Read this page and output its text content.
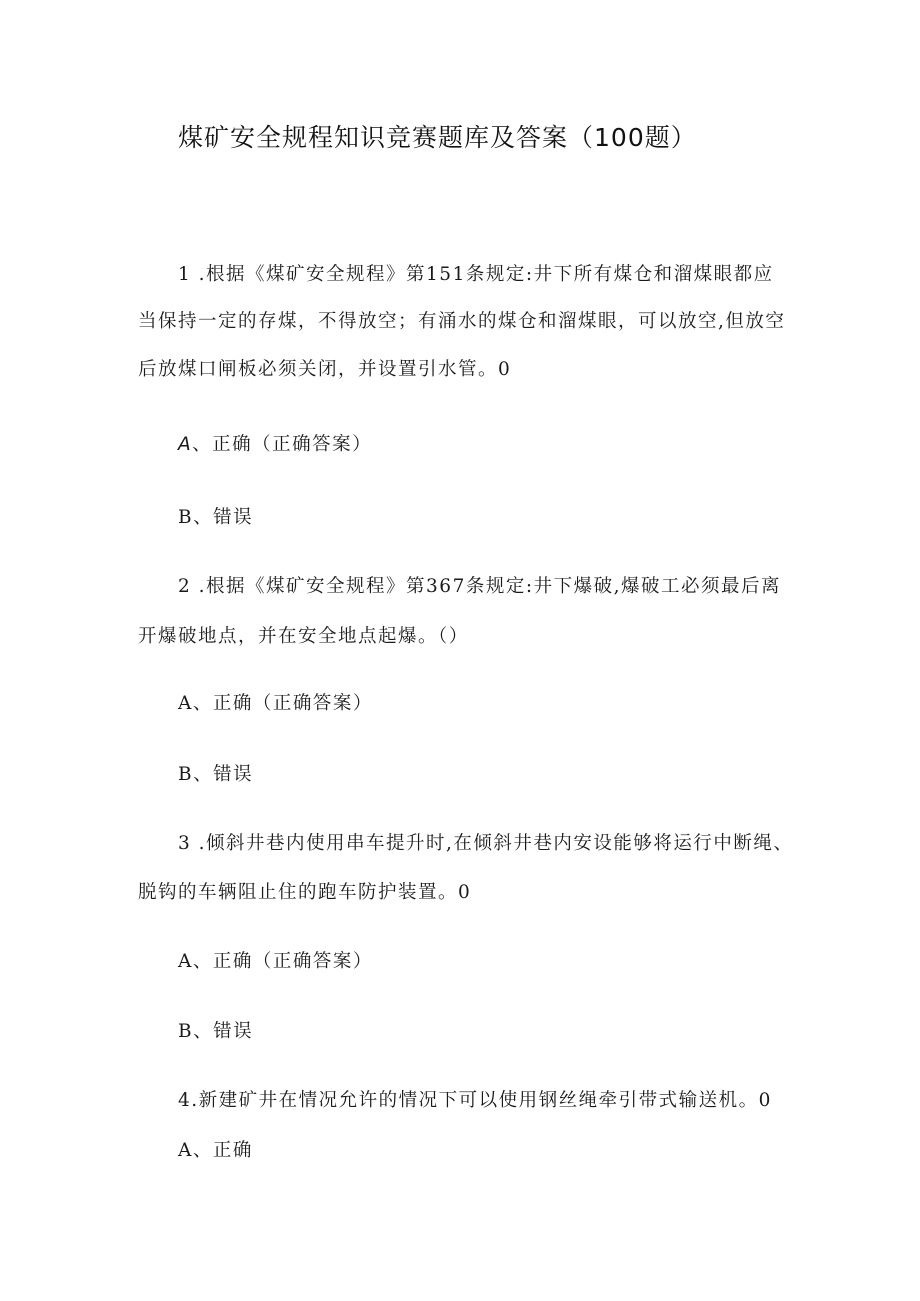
煤矿安全规程知识竞赛题库及答案（100题）
1 .根据《煤矿安全规程》第151条规定:井下所有煤仓和溜煤眼都应
当保持一定的存煤，不得放空；有涌水的煤仓和溜煤眼，可以放空,但放空
后放煤口闸板必须关闭，并设置引水管。0
A、正确（正确答案）
B、错误
2 .根据《煤矿安全规程》第367条规定:井下爆破,爆破工必须最后离
开爆破地点，并在安全地点起爆。（）
A、正确（正确答案）
B、错误
3 .倾斜井巷内使用串车提升时,在倾斜井巷内安设能够将运行中断绳、
脱钩的车辆阻止住的跑车防护装置。0
A、正确（正确答案）
B、错误
4.新建矿井在情况允许的情况下可以使用钢丝绳牵引带式输送机。0
A、正确
